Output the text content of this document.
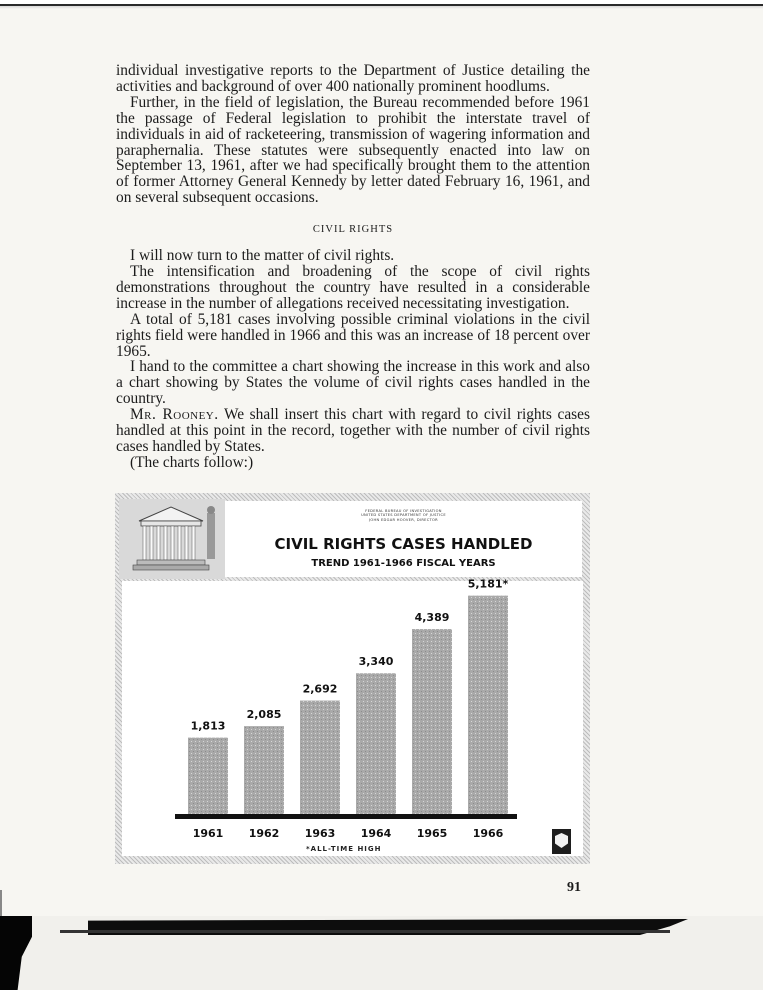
individual investigative reports to the Department of Justice detailing the activities and background of over 400 nationally prominent hoodlums.

Further, in the field of legislation, the Bureau recommended before 1961 the passage of Federal legislation to prohibit the interstate travel of individuals in aid of racketeering, transmission of wagering information and paraphernalia. These statutes were subsequently enacted into law on September 13, 1961, after we had specifically brought them to the attention of former Attorney General Kennedy by letter dated February 16, 1961, and on several subsequent occasions.

CIVIL RIGHTS

I will now turn to the matter of civil rights.

The intensification and broadening of the scope of civil rights demonstrations throughout the country have resulted in a considerable increase in the number of allegations received necessitating investigation.

A total of 5,181 cases involving possible criminal violations in the civil rights field were handled in 1966 and this was an increase of 18 percent over 1965.

I hand to the committee a chart showing the increase in this work and also a chart showing by States the volume of civil rights cases handled in the country.

Mr. Rooney. We shall insert this chart with regard to civil rights cases handled at this point in the record, together with the number of civil rights cases handled by States.

(The charts follow:)

FEDERAL BUREAU OF INVESTIGATION
UNITED STATES DEPARTMENT OF JUSTICE
JOHN EDGAR HOOVER, DIRECTOR
CIVIL RIGHTS CASES HANDLED
TREND 1961-1966 FISCAL YEARS
1,813
1961
2,085
1962
2,692
1963
3,340
1964
4,389
1965
5,181*
1966
*ALL-TIME HIGH
91
